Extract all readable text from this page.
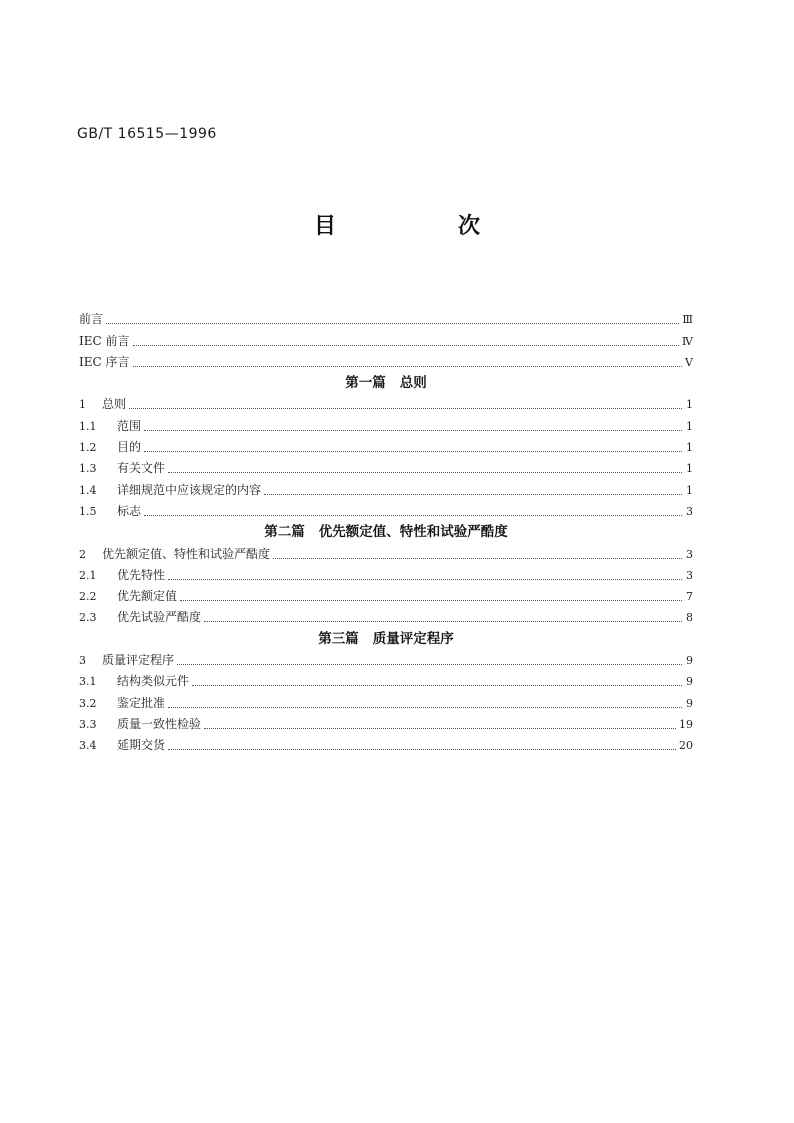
GB/T 16515—1996
目　次
前言	Ⅲ
IEC 前言	Ⅳ
IEC 序言	Ⅴ
第一篇 总则
1	总则	1
1.1	范围	1
1.2	目的	1
1.3	有关文件	1
1.4	详细规范中应该规定的内容	1
1.5	标志	3
第二篇 优先额定值、特性和试验严酷度
2	优先额定值、特性和试验严酷度	3
2.1	优先特性	3
2.2	优先额定值	7
2.3	优先试验严酷度	8
第三篇 质量评定程序
3	质量评定程序	9
3.1	结构类似元件	9
3.2	鉴定批准	9
3.3	质量一致性检验	19
3.4	延期交货	20
